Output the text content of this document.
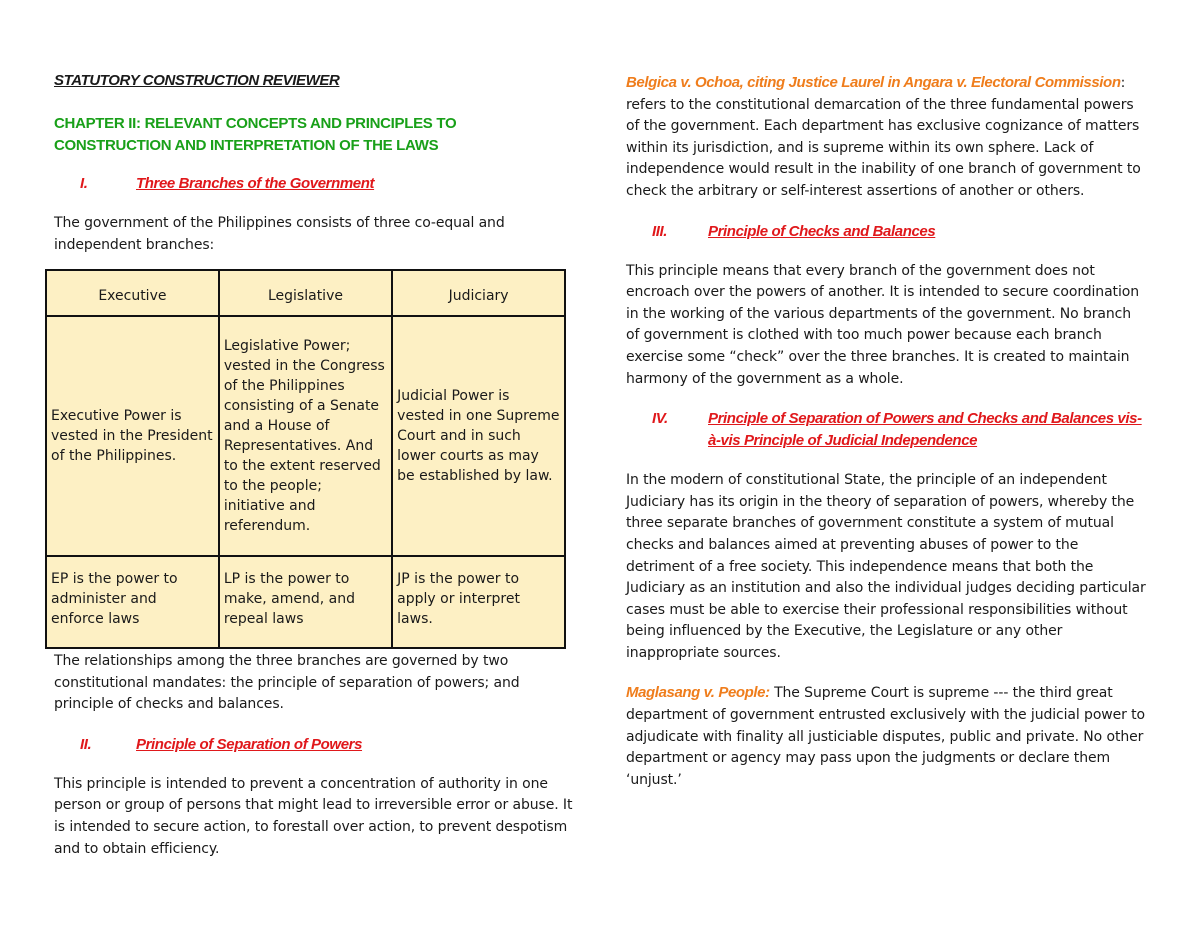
STATUTORY CONSTRUCTION REVIEWER
CHAPTER II: RELEVANT CONCEPTS AND PRINCIPLES TO
CONSTRUCTION AND INTERPRETATION OF THE LAWS
I.	Three Branches of the Government

The government of the Philippines consists of three co-equal and independent branches:

Executive	Legislative	Judiciary
Executive Power is vested in the President of the Philippines.	Legislative Power; vested in the Congress of the Philippines consisting of a Senate and a House of Representatives. And to the extent reserved to the people; initiative and referendum.	Judicial Power is vested in one Supreme Court and in such lower courts as may be established by law.
EP is the power to administer and enforce laws	LP is the power to make, amend, and repeal laws	JP is the power to apply or interpret laws.

The relationships among the three branches are governed by two constitutional mandates: the principle of separation of powers; and principle of checks and balances.

II.	Principle of Separation of Powers

This principle is intended to prevent a concentration of authority in one person or group of persons that might lead to irreversible error or abuse. It is intended to secure action, to forestall over action, to prevent despotism and to obtain efficiency.

Belgica v. Ochoa, citing Justice Laurel in Angara v. Electoral Commission: refers to the constitutional demarcation of the three fundamental powers of the government. Each department has exclusive cognizance of matters within its jurisdiction, and is supreme within its own sphere. Lack of independence would result in the inability of one branch of government to check the arbitrary or self-interest assertions of another or others.

III.	Principle of Checks and Balances

This principle means that every branch of the government does not encroach over the powers of another. It is intended to secure coordination in the working of the various departments of the government. No branch of government is clothed with too much power because each branch exercise some “check” over the three branches. It is created to maintain harmony of the government as a whole.

IV.	Principle of Separation of Powers and Checks and Balances vis-à-vis Principle of Judicial Independence

In the modern of constitutional State, the principle of an independent Judiciary has its origin in the theory of separation of powers, whereby the three separate branches of government constitute a system of mutual checks and balances aimed at preventing abuses of power to the detriment of a free society. This independence means that both the Judiciary as an institution and also the individual judges deciding particular cases must be able to exercise their professional responsibilities without being influenced by the Executive, the Legislature or any other inappropriate sources.

Maglasang v. People: The Supreme Court is supreme --- the third great department of government entrusted exclusively with the judicial power to adjudicate with finality all justiciable disputes, public and private. No other department or agency may pass upon the judgments or declare them ‘unjust.’
